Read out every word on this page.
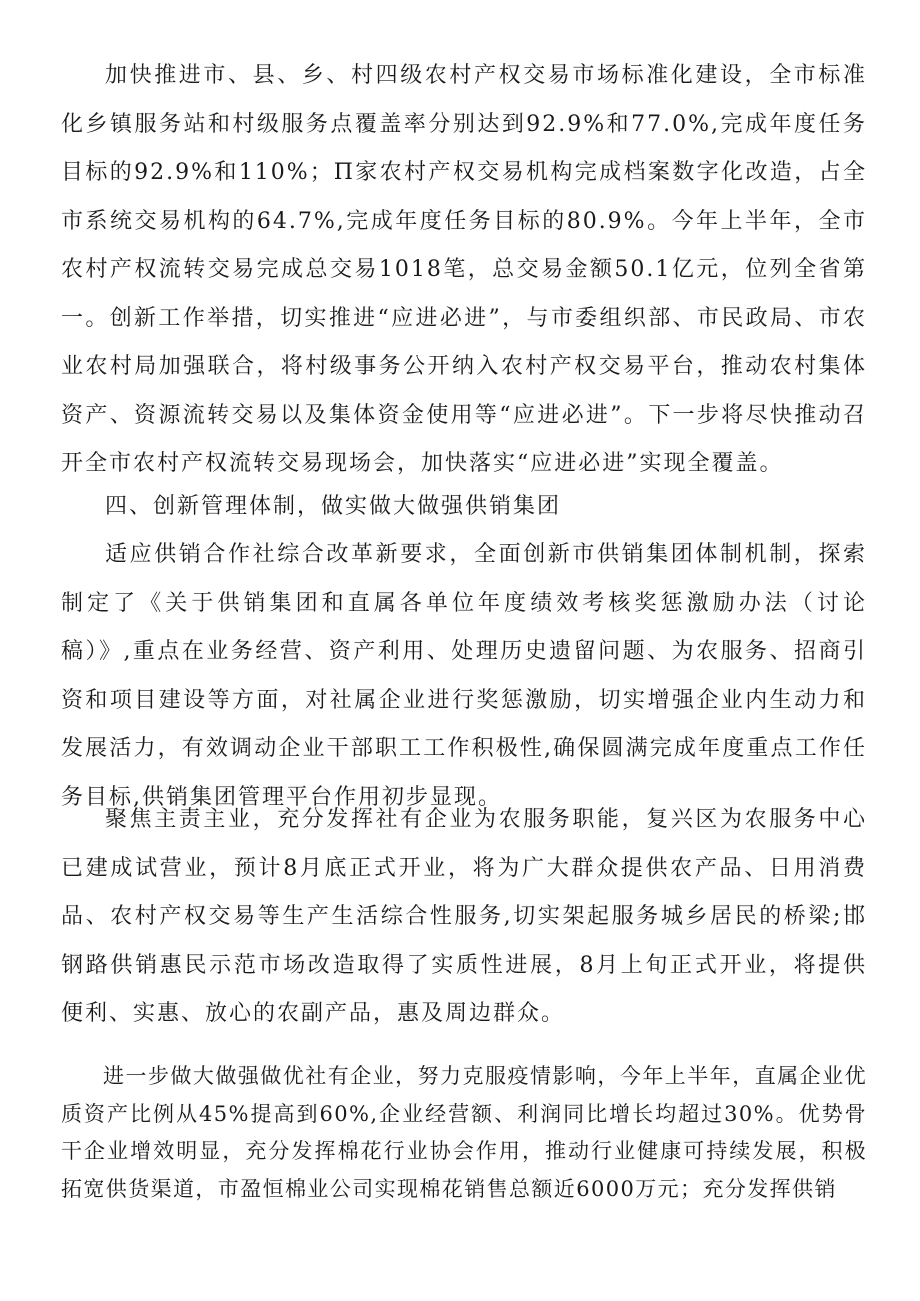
加快推进市、县、乡、村四级农村产权交易市场标准化建设，全市标准化乡镇服务站和村级服务点覆盖率分别达到92.9%和77.0%,完成年度任务目标的92.9%和110%；Π家农村产权交易机构完成档案数字化改造，占全市系统交易机构的64.7%,完成年度任务目标的80.9%。今年上半年，全市农村产权流转交易完成总交易1018笔，总交易金额50.1亿元，位列全省第一。创新工作举措，切实推进“应进必进”，与市委组织部、市民政局、市农业农村局加强联合，将村级事务公开纳入农村产权交易平台，推动农村集体资产、资源流转交易以及集体资金使用等“应进必进”。下一步将尽快推动召开全市农村产权流转交易现场会，加快落实“应进必进”实现全覆盖。

四、创新管理体制，做实做大做强供销集团

适应供销合作社综合改革新要求，全面创新市供销集团体制机制，探索制定了《关于供销集团和直属各单位年度绩效考核奖惩激励办法（讨论稿）》,重点在业务经营、资产利用、处理历史遗留问题、为农服务、招商引资和项目建设等方面，对社属企业进行奖惩激励，切实增强企业内生动力和发展活力，有效调动企业干部职工工作积极性,确保圆满完成年度重点工作任务目标,供销集团管理平台作用初步显现。

聚焦主责主业，充分发挥社有企业为农服务职能，复兴区为农服务中心已建成试营业，预计8月底正式开业，将为广大群众提供农产品、日用消费品、农村产权交易等生产生活综合性服务,切实架起服务城乡居民的桥梁;邯钢路供销惠民示范市场改造取得了实质性进展，8月上旬正式开业，将提供便利、实惠、放心的农副产品，惠及周边群众。

进一步做大做强做优社有企业，努力克服疫情影响，今年上半年，直属企业优质资产比例从45%提高到60%,企业经营额、利润同比增长均超过30%。优势骨干企业增效明显，充分发挥棉花行业协会作用，推动行业健康可持续发展，积极拓宽供货渠道，市盈恒棉业公司实现棉花销售总额近6000万元；充分发挥供销
